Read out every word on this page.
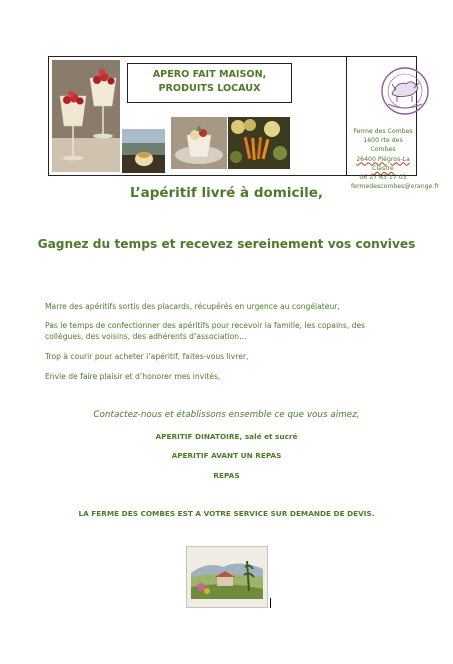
APERO FAIT MAISON,
PRODUITS LOCAUX
Ferme des Combes
1600 rte des Combes
26400 Piégros-La Clastre
06 27 63 17 03
fermedescombes@orange.fr
L’apéritif livré à domicile,
Gagnez du temps et recevez sereinement vos convives
Marre des apéritifs sortis des placards, récupérés en urgence au congélateur,
Pas le temps de confectionner des apéritifs pour recevoir la famille, les copains, des collègues, des voisins, des adhérents d’association…
Trop à courir pour acheter l’apéritif, faites-vous livrer,
Envie de faire plaisir et d’honorer mes invités,
Contactez-nous et établissons ensemble ce que vous aimez,
APERITIF DINATOIRE, salé et sucré
APERITIF AVANT UN REPAS
REPAS
LA FERME DES COMBES EST A VOTRE SERVICE SUR DEMANDE DE DEVIS.
